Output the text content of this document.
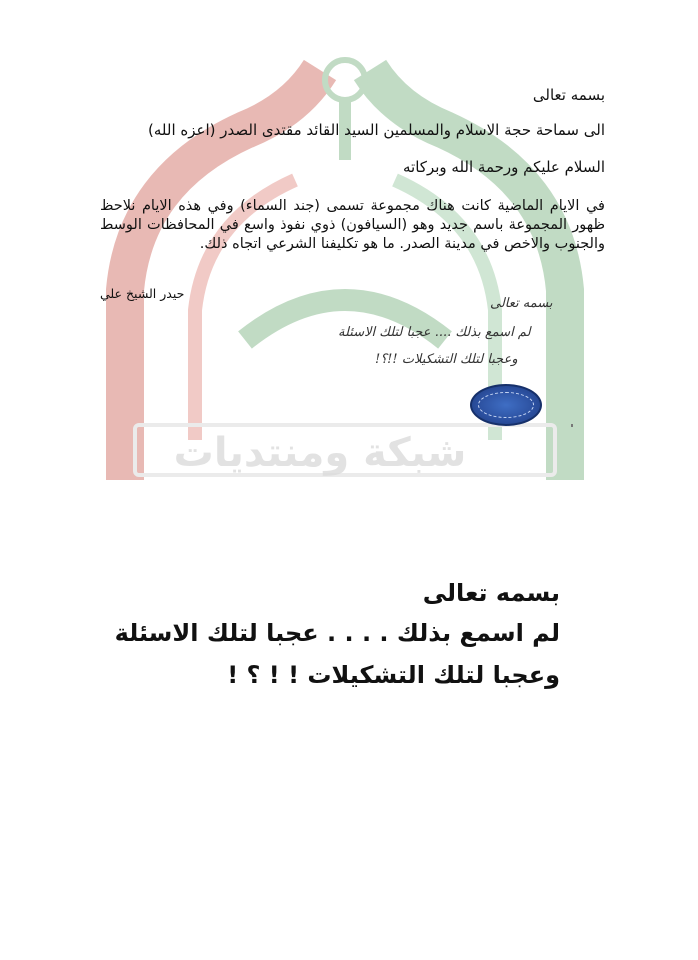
شبكة ومنتديات
بسمه تعالى
الى سماحة حجة الاسلام والمسلمين السيد القائد مقتدى الصدر (اعزه الله)
السلام عليكم ورحمة الله وبركاته
في الايام الماضية كانت هناك مجموعة تسمى (جند السماء) وفي هذه الايام نلاحظ ظهور المجموعة باسم جديد وهو (السيافون) ذوي نفوذ واسع في المحافظات الوسط والجنوب والاخص في مدينة الصدر. ما هو تكليفنا الشرعي اتجاه ذلك.
حيدر الشيخ علي
بسمه تعالى
لم اسمع بذلك .... عجبا لتلك الاسئلة
وعجبا لتلك التشكيلات !!؟!
بسمه تعالى
لم اسمع بذلك . . . . عجبا لتلك الاسئلة
وعجبا لتلك التشكيلات ! ! ؟ !
